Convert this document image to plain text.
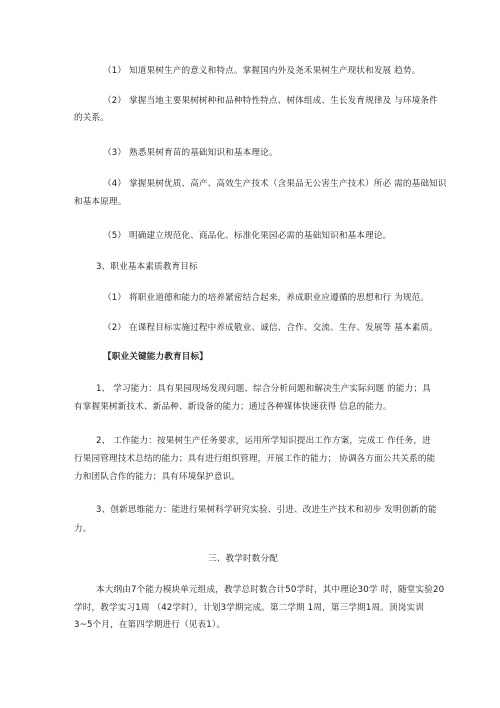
（1） 知道果树生产的意义和特点。掌握国内外及尧禾果树生产现状和发展 趋势。
（2） 掌握当地主要果树树种和品种特性特点、树体组成、生长发育规律及 与环境条件
的关系。
（3） 熟悉果树育苗的基础知识和基本理论。
（4） 掌握果树优质、高产、高效生产技术（含果品无公害生产技术）所必 需的基础知识
和基本原理。
（5） 明确建立规范化、商品化、标准化果园必需的基础知识和基本理论。
3、职业基本素质教育目标
（1） 将职业道德和能力的培养紧密结合起来，养成职业应遵循的思想和行 为规范。
（2） 在课程目标实施过程中养成敬业、诚信、合作、交流、生存、发展等 基本素质。
【职业关键能力教育目标】
1、 学习能力：具有果园现场发现问题、综合分析问题和解决生产实际问题 的能力；具
有掌握果树新技术、新品种、新设备的能力；通过各种媒体快速获得 信息的能力。
2、 工作能力：按果树生产任务要求，运用所学知识提出工作方案，完成工 作任务，进
行果园管理技术总结的能力；具有进行组织管理，开展工作的能力； 协调各方面公共关系的能
力和团队合作的能力；具有环境保护意识。
3、创新思维能力：能进行果树科学研究实验、引进、改进生产技术和初步 发明创新的能
力。
三、教学时数分配
本大纲由7个能力模块单元组成，教学总时数合计50学时，其中理论30学 时，随堂实验20
学时，教学实习1周 （42学时），计划3学期完成。第二学期 1周，第三学期1周。顶岗实训
3~5个月，在第四学期进行（见表1）。
